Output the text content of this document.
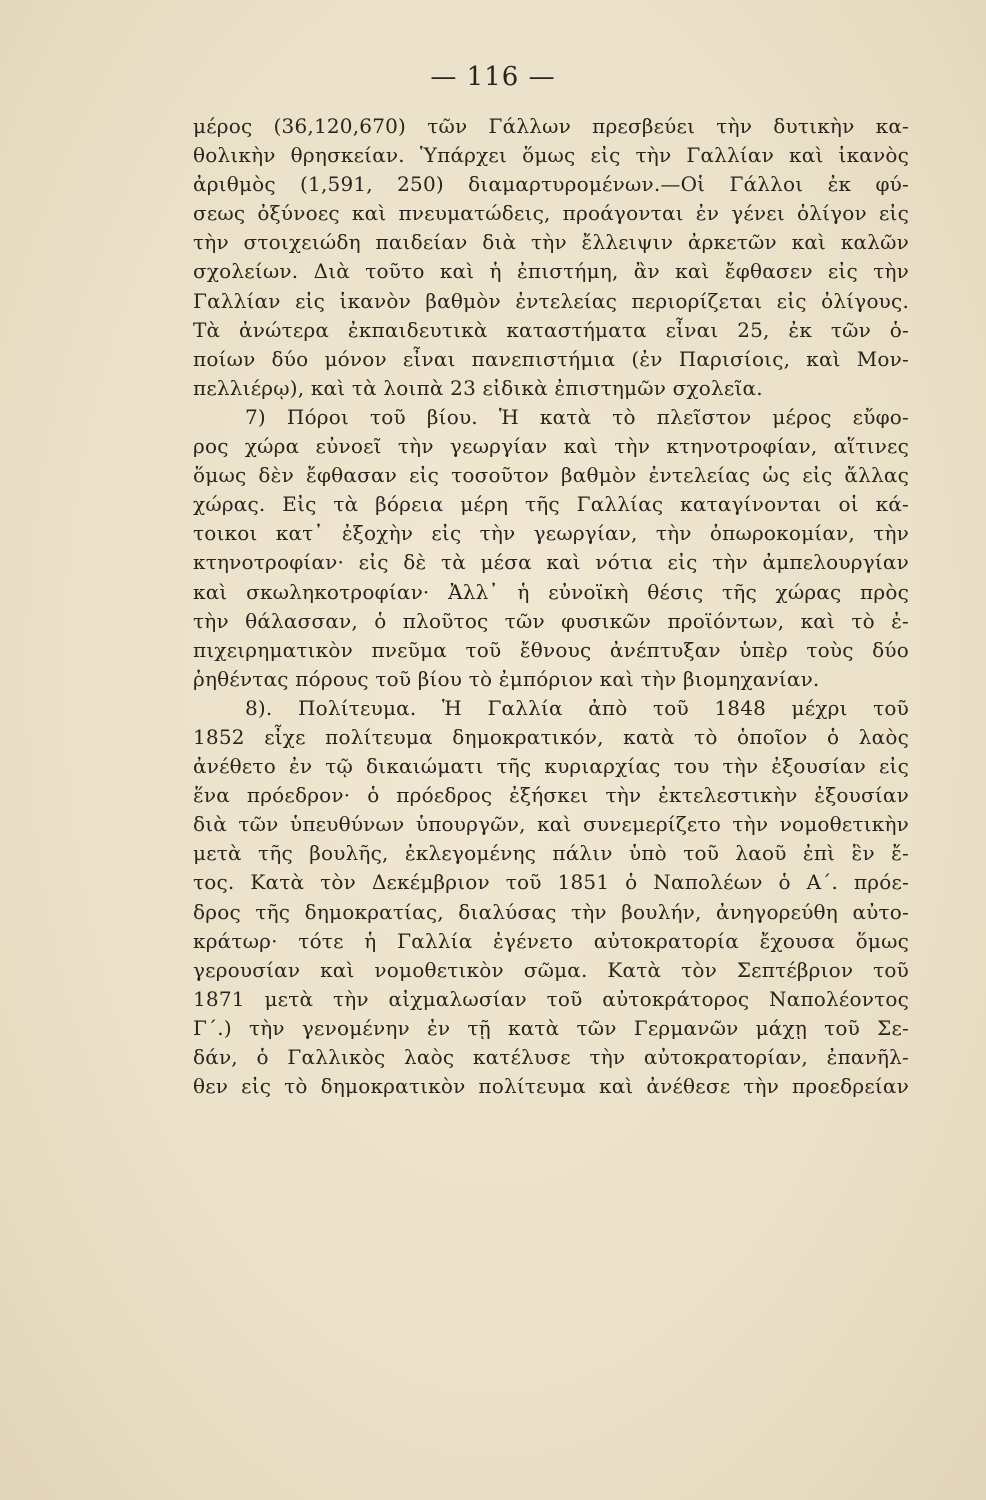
— 116 —
μέρος (36,120,670) τῶν Γάλλων πρεσβεύει τὴν δυτικὴν κα-
θολικὴν θρησκείαν. Ὑπάρχει ὅμως εἰς τὴν Γαλλίαν καὶ ἱκανὸς
ἀριθμὸς (1,591, 250) διαμαρτυρομένων.—Οἱ Γάλλοι ἐκ φύ-
σεως ὀξύνοες καὶ πνευματώδεις, προάγονται ἐν γένει ὀλίγον εἰς
τὴν στοιχειώδη παιδείαν διὰ τὴν ἔλλειψιν ἀρκετῶν καὶ καλῶν
σχολείων. Διὰ τοῦτο καὶ ἡ ἐπιστήμη, ἂν καὶ ἔφθασεν εἰς τὴν
Γαλλίαν εἰς ἱκανὸν βαθμὸν ἐντελείας περιορίζεται εἰς ὀλίγους.
Τὰ ἀνώτερα ἐκπαιδευτικὰ καταστήματα εἶναι 25, ἐκ τῶν ὁ-
ποίων δύο μόνον εἶναι πανεπιστήμια (ἐν Παρισίοις, καὶ Μον-
πελλιέρῳ), καὶ τὰ λοιπὰ 23 εἰδικὰ ἐπιστημῶν σχολεῖα.
7) Πόροι τοῦ βίου. Ἡ κατὰ τὸ πλεῖστον μέρος εὔφο-
ρος χώρα εὐνοεῖ τὴν γεωργίαν καὶ τὴν κτηνοτροφίαν, αἵτινες
ὅμως δὲν ἔφθασαν εἰς τοσοῦτον βαθμὸν ἐντελείας ὡς εἰς ἄλλας
χώρας. Εἰς τὰ βόρεια μέρη τῆς Γαλλίας καταγίνονται οἱ κά-
τοικοι κατ᾽ ἐξοχὴν εἰς τὴν γεωργίαν, τὴν ὀπωροκομίαν, τὴν
κτηνοτροφίαν· εἰς δὲ τὰ μέσα καὶ νότια εἰς τὴν ἀμπελουργίαν
καὶ σκωληκοτροφίαν· Ἀλλ᾽ ἡ εὐνοϊκὴ θέσις τῆς χώρας πρὸς
τὴν θάλασσαν, ὁ πλοῦτος τῶν φυσικῶν προϊόντων, καὶ τὸ ἐ-
πιχειρηματικὸν πνεῦμα τοῦ ἔθνους ἀνέπτυξαν ὑπὲρ τοὺς δύο
ῥηθέντας πόρους τοῦ βίου τὸ ἐμπόριον καὶ τὴν βιομηχανίαν.
8). Πολίτευμα. Ἡ Γαλλία ἀπὸ τοῦ 1848 μέχρι τοῦ
1852 εἶχε πολίτευμα δημοκρατικόν, κατὰ τὸ ὁποῖον ὁ λαὸς
ἀνέθετο ἐν τῷ δικαιώματι τῆς κυριαρχίας του τὴν ἐξουσίαν εἰς
ἕνα πρόεδρον· ὁ πρόεδρος ἐξήσκει τὴν ἐκτελεστικὴν ἐξουσίαν
διὰ τῶν ὑπευθύνων ὑπουργῶν, καὶ συνεμερίζετο τὴν νομοθετικὴν
μετὰ τῆς βουλῆς, ἐκλεγομένης πάλιν ὑπὸ τοῦ λαοῦ ἐπὶ ἓν ἔ-
τος. Κατὰ τὸν Δεκέμβριον τοῦ 1851 ὁ Ναπολέων ὁ Α΄. πρόε-
δρος τῆς δημοκρατίας, διαλύσας τὴν βουλήν, ἀνηγορεύθη αὐτο-
κράτωρ· τότε ἡ Γαλλία ἐγένετο αὐτοκρατορία ἔχουσα ὅμως
γερουσίαν καὶ νομοθετικὸν σῶμα. Κατὰ τὸν Σεπτέβριον τοῦ
1871 μετὰ τὴν αἰχμαλωσίαν τοῦ αὐτοκράτορος Ναπολέοντος
Γ΄.) τὴν γενομένην ἐν τῇ κατὰ τῶν Γερμανῶν μάχῃ τοῦ Σε-
δάν, ὁ Γαλλικὸς λαὸς κατέλυσε τὴν αὐτοκρατορίαν, ἐπανῆλ-
θεν εἰς τὸ δημοκρατικὸν πολίτευμα καὶ ἀνέθεσε τὴν προεδρείαν
